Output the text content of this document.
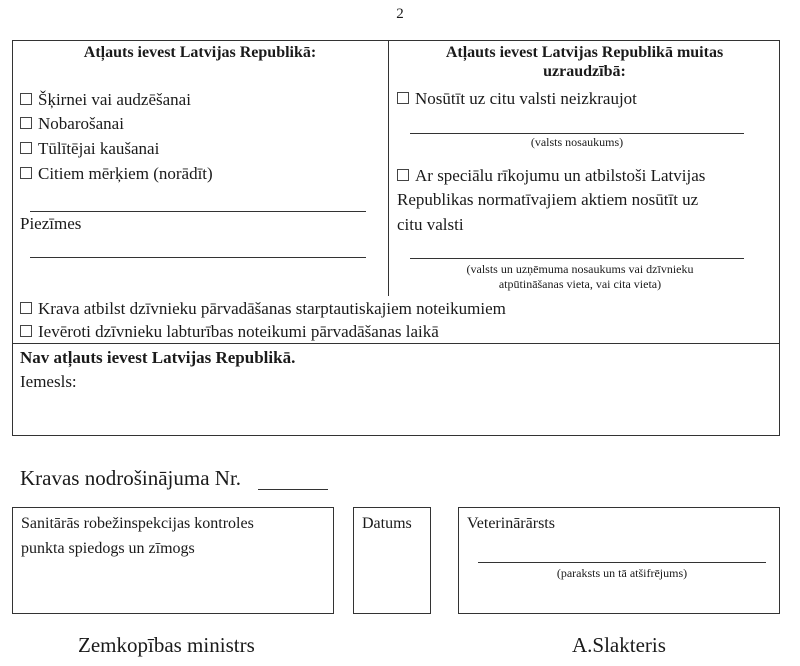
2
Atļauts ievest Latvijas Republikā:
Šķirnei vai audzēšanai
Nobarošanai
Tūlītējai kaušanai
Citiem mērķiem (norādīt)
Piezīmes
Atļauts ievest Latvijas Republikā muitas
uzraudzībā:
Nosūtīt uz citu valsti neizkraujot
(valsts nosaukums)
Ar speciālu rīkojumu un atbilstoši Latvijas
Republikas normatīvajiem aktiem nosūtīt uz
citu valsti
(valsts un uzņēmuma nosaukums vai dzīvnieku
atpūtināšanas vieta, vai cita vieta)
Krava atbilst dzīvnieku pārvadāšanas starptautiskajiem noteikumiem
Ievēroti dzīvnieku labturības noteikumi pārvadāšanas laikā
Nav atļauts ievest Latvijas Republikā.
Iemesls:
Kravas nodrošinājuma Nr.
Sanitārās robežinspekcijas kontroles
punkta spiedogs un zīmogs
Datums	Veterinārārsts
(paraksts un tā atšifrējums)
Zemkopības ministrs	A.Slakteris
